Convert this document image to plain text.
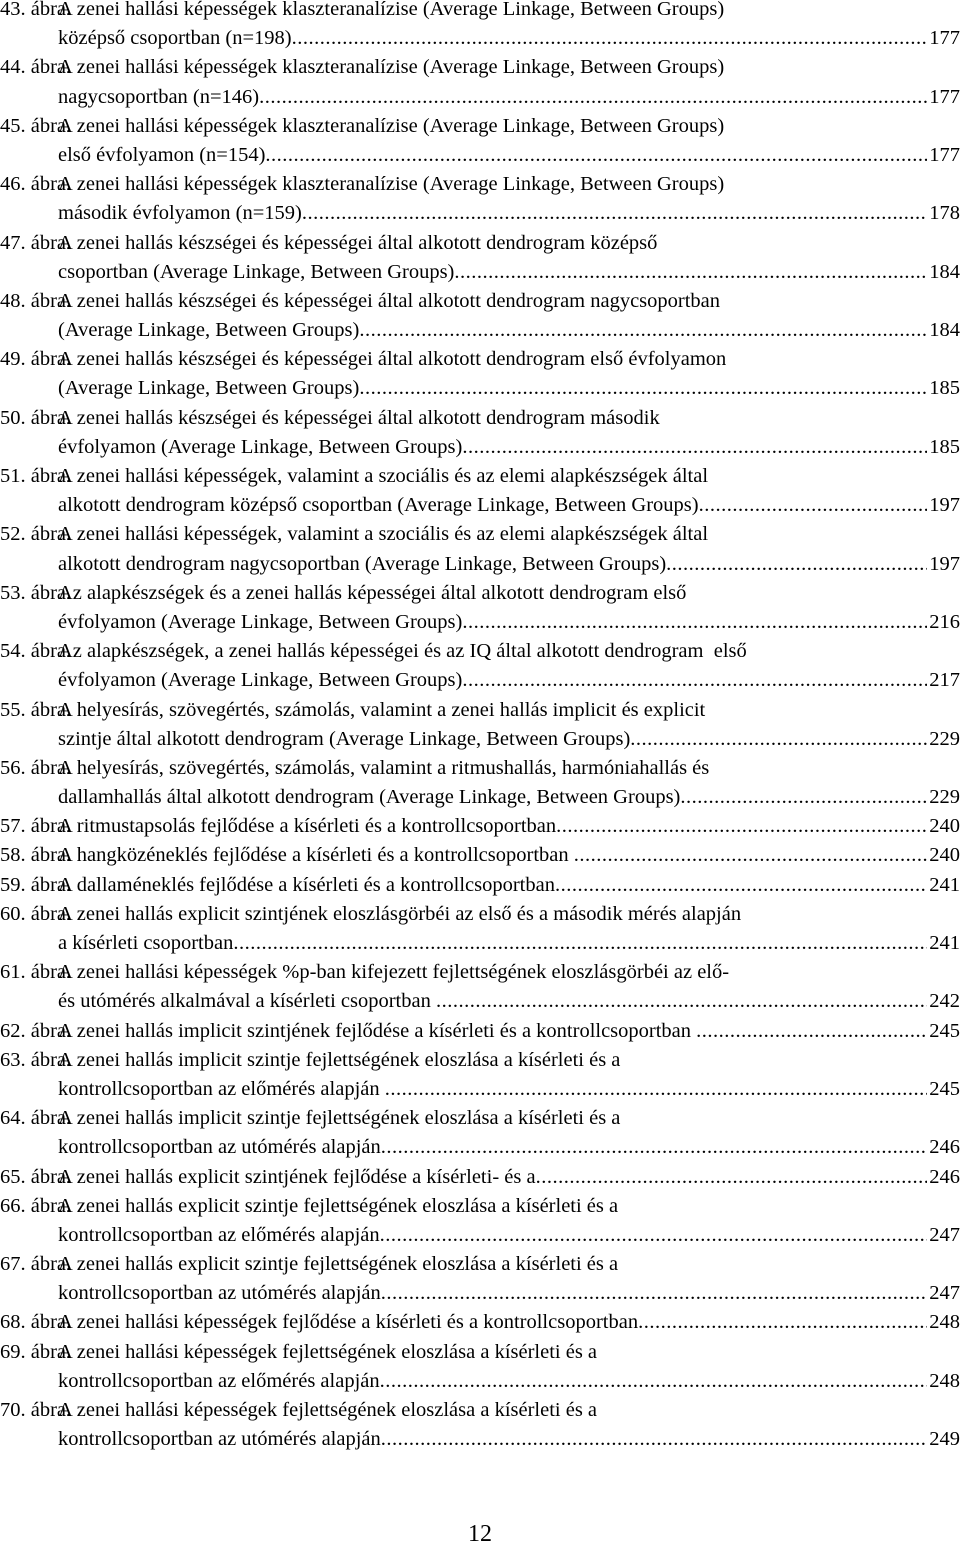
43. ábra.
A zenei hallási képességek klaszteranalízise (Average Linkage, Between Groups)
középső csoportban (n=198) .....	177
44. ábra.
A zenei hallási képességek klaszteranalízise (Average Linkage, Between Groups)
nagycsoportban (n=146) .....	177
45. ábra.
A zenei hallási képességek klaszteranalízise (Average Linkage, Between Groups)
első évfolyamon (n=154) .....	177
46. ábra.
A zenei hallási képességek klaszteranalízise (Average Linkage, Between Groups)
második évfolyamon (n=159) .....	178
47. ábra.
A zenei hallás készségei és képességei által alkotott dendrogram középső
csoportban (Average Linkage, Between Groups) .....	184
48. ábra.
A zenei hallás készségei és képességei által alkotott dendrogram nagycsoportban
(Average Linkage, Between Groups) .....	184
49. ábra.
A zenei hallás készségei és képességei által alkotott dendrogram első évfolyamon
(Average Linkage, Between Groups) .....	185
50. ábra.
A zenei hallás készségei és képességei által alkotott dendrogram második
évfolyamon (Average Linkage, Between Groups) .....	185
51. ábra.
A zenei hallási képességek, valamint a szociális és az elemi alapkészségek által
alkotott dendrogram középső csoportban (Average Linkage, Between Groups) .....	197
52. ábra.
A zenei hallási képességek, valamint a szociális és az elemi alapkészségek által
alkotott dendrogram nagycsoportban (Average Linkage, Between Groups) .....	197
53. ábra.
Az alapkészségek és a zenei hallás képességei által alkotott dendrogram első
évfolyamon (Average Linkage, Between Groups) .....	216
54. ábra.
Az alapkészségek, a zenei hallás képességei és az IQ által alkotott dendrogram  első
évfolyamon (Average Linkage, Between Groups) .....	217
55. ábra.
A helyesírás, szövegértés, számolás, valamint a zenei hallás implicit és explicit
szintje által alkotott dendrogram (Average Linkage, Between Groups) .....	229
56. ábra.
A helyesírás, szövegértés, számolás, valamint a ritmushallás, harmóniahallás és
dallamhallás által alkotott dendrogram (Average Linkage, Between Groups) .....	229
57. ábra.
A ritmustapsolás fejlődése a kísérleti és a kontrollcsoportban .....	240
58. ábra.
A hangközéneklés fejlődése a kísérleti és a kontrollcsoportban .....	240
59. ábra.
A dallaméneklés fejlődése a kísérleti és a kontrollcsoportban .....	241
60. ábra.
A zenei hallás explicit szintjének eloszlásgörbéi az első és a második mérés alapján
a kísérleti csoportban .....	241
61. ábra.
A zenei hallási képességek %p-ban kifejezett fejlettségének eloszlásgörbéi az elő-
és utómérés alkalmával a kísérleti csoportban .....	242
62. ábra.
A zenei hallás implicit szintjének fejlődése a kísérleti és a kontrollcsoportban .....	245
63. ábra.
A zenei hallás implicit szintje fejlettségének eloszlása a kísérleti és a
kontrollcsoportban az előmérés alapján .....	245
64. ábra.
A zenei hallás implicit szintje fejlettségének eloszlása a kísérleti és a
kontrollcsoportban az utómérés alapján .....	246
65. ábra.
A zenei hallás explicit szintjének fejlődése a kísérleti- és a .....	246
66. ábra.
A zenei hallás explicit szintje fejlettségének eloszlása a kísérleti és a
kontrollcsoportban az előmérés alapján .....	247
67. ábra.
A zenei hallás explicit szintje fejlettségének eloszlása a kísérleti és a
kontrollcsoportban az utómérés alapján .....	247
68. ábra.
A zenei hallási képességek fejlődése a kísérleti és a kontrollcsoportban .....	248
69. ábra.
A zenei hallási képességek fejlettségének eloszlása a kísérleti és a
kontrollcsoportban az előmérés alapján .....	248
70. ábra.
A zenei hallási képességek fejlettségének eloszlása a kísérleti és a
kontrollcsoportban az utómérés alapján .....	249
12
